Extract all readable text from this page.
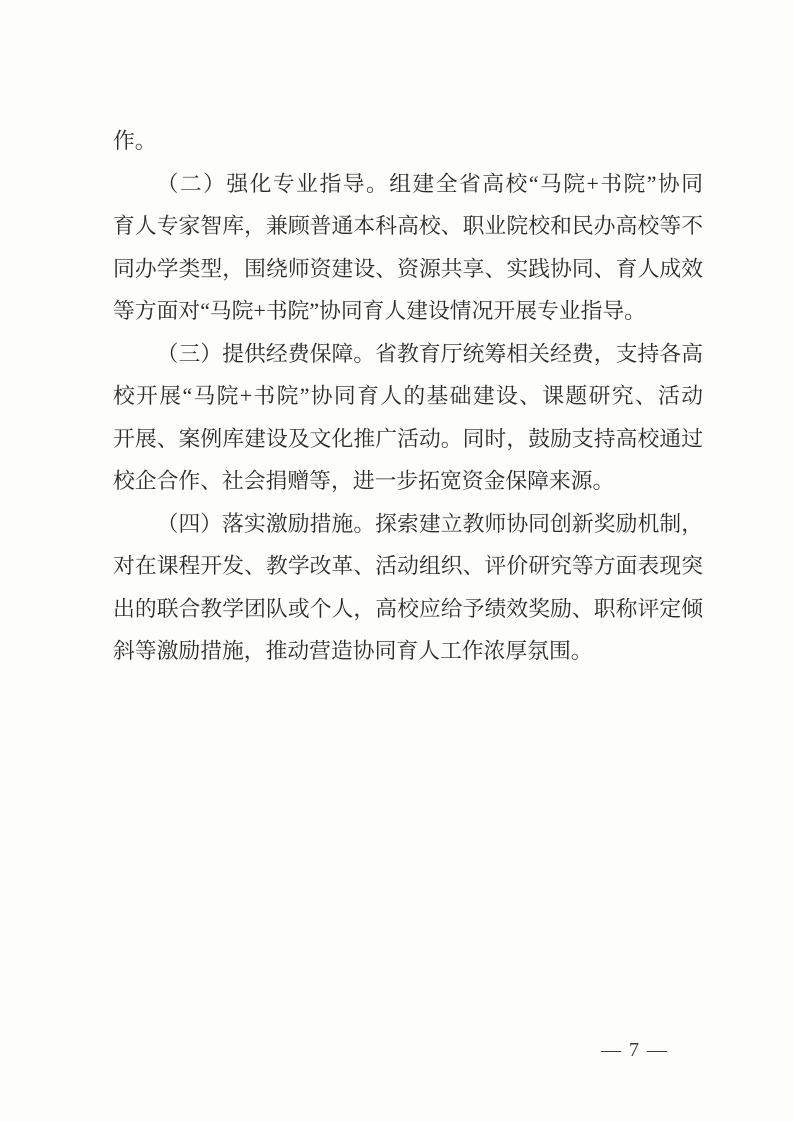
作。
（二）强化专业指导。组建全省高校“马院+书院”协同
育人专家智库，兼顾普通本科高校、职业院校和民办高校等不
同办学类型，围绕师资建设、资源共享、实践协同、育人成效
等方面对“马院+书院”协同育人建设情况开展专业指导。
（三）提供经费保障。省教育厅统筹相关经费，支持各高
校开展“马院+书院”协同育人的基础建设、课题研究、活动
开展、案例库建设及文化推广活动。同时，鼓励支持高校通过
校企合作、社会捐赠等，进一步拓宽资金保障来源。
（四）落实激励措施。探索建立教师协同创新奖励机制，
对在课程开发、教学改革、活动组织、评价研究等方面表现突
出的联合教学团队或个人，高校应给予绩效奖励、职称评定倾
斜等激励措施，推动营造协同育人工作浓厚氛围。
— 7 —
